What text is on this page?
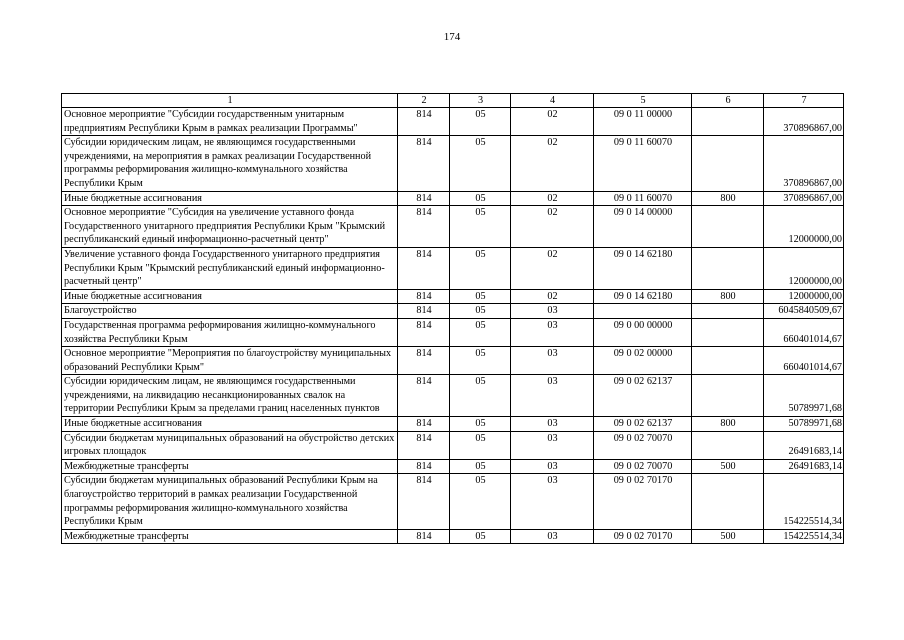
174
1	2	3	4	5	6	7
Основное мероприятие "Субсидии государственным унитарным предприятиям Республики Крым в рамках реализации Программы"	814	05	02	09 0 11 00000		370896867,00
Субсидии юридическим лицам, не являющимся государственными учреждениями, на мероприятия в рамках реализации Государственной программы реформирования жилищно-коммунального хозяйства Республики Крым	814	05	02	09 0 11 60070		370896867,00
Иные бюджетные ассигнования	814	05	02	09 0 11 60070	800	370896867,00
Основное мероприятие "Субсидия на увеличение уставного фонда Государственного унитарного предприятия Республики Крым "Крымский республиканский единый информационно-расчетный центр"	814	05	02	09 0 14 00000		12000000,00
Увеличение уставного фонда Государственного унитарного предприятия Республики Крым "Крымский республиканский единый информационно-расчетный центр"	814	05	02	09 0 14 62180		12000000,00
Иные бюджетные ассигнования	814	05	02	09 0 14 62180	800	12000000,00
Благоустройство	814	05	03			6045840509,67
Государственная программа реформирования жилищно-коммунального хозяйства Республики Крым	814	05	03	09 0 00 00000		660401014,67
Основное мероприятие "Мероприятия по благоустройству муниципальных образований Республики Крым"	814	05	03	09 0 02 00000		660401014,67
Субсидии юридическим лицам, не являющимся государственными учреждениями, на ликвидацию несанкционированных свалок на территории Республики Крым за пределами границ населенных пунктов	814	05	03	09 0 02 62137		50789971,68
Иные бюджетные ассигнования	814	05	03	09 0 02 62137	800	50789971,68
Субсидии бюджетам муниципальных образований на обустройство детских игровых площадок	814	05	03	09 0 02 70070		26491683,14
Межбюджетные трансферты	814	05	03	09 0 02 70070	500	26491683,14
Субсидии бюджетам муниципальных образований Республики Крым на благоустройство территорий в рамках реализации Государственной программы реформирования жилищно-коммунального хозяйства Республики Крым	814	05	03	09 0 02 70170		154225514,34
Межбюджетные трансферты	814	05	03	09 0 02 70170	500	154225514,34
